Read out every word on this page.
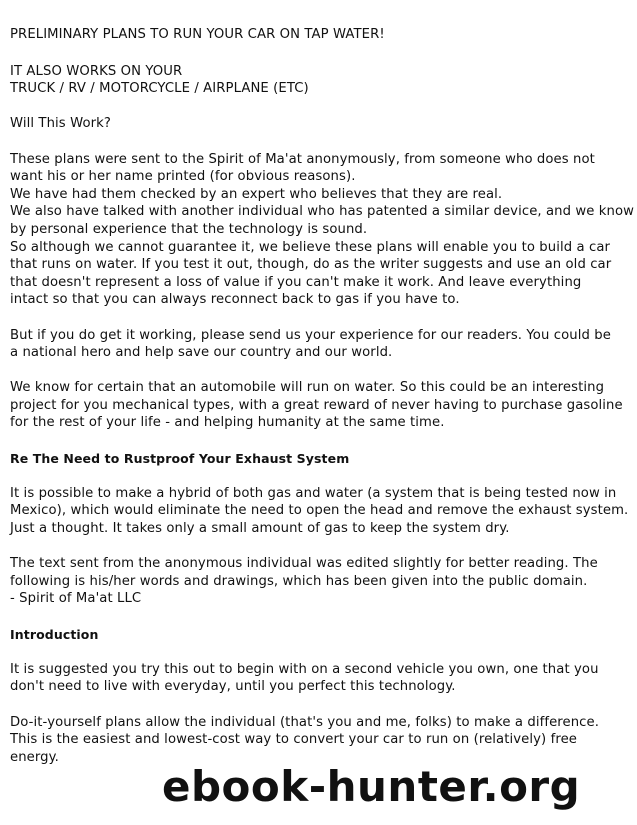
PRELIMINARY PLANS TO RUN YOUR CAR ON TAP WATER!
IT ALSO WORKS ON YOUR
TRUCK / RV / MOTORCYCLE / AIRPLANE (ETC)
Will This Work?
These plans were sent to the Spirit of Ma'at anonymously, from someone who does not
want his or her name printed (for obvious reasons).
We have had them checked by an expert who believes that they are real.
We also have talked with another individual who has patented a similar device, and we know
by personal experience that the technology is sound.
So although we cannot guarantee it, we believe these plans will enable you to build a car
that runs on water. If you test it out, though, do as the writer suggests and use an old car
that doesn't represent a loss of value if you can't make it work. And leave everything
intact so that you can always reconnect back to gas if you have to.
But if you do get it working, please send us your experience for our readers. You could be
a national hero and help save our country and our world.
We know for certain that an automobile will run on water. So this could be an interesting
project for you mechanical types, with a great reward of never having to purchase gasoline
for the rest of your life - and helping humanity at the same time.
Re The Need to Rustproof Your Exhaust System
It is possible to make a hybrid of both gas and water (a system that is being tested now in
Mexico), which would eliminate the need to open the head and remove the exhaust system.
Just a thought. It takes only a small amount of gas to keep the system dry.
The text sent from the anonymous individual was edited slightly for better reading. The
following is his/her words and drawings, which has been given into the public domain.
- Spirit of Ma'at LLC
Introduction
It is suggested you try this out to begin with on a second vehicle you own, one that you
don't need to live with everyday, until you perfect this technology.
Do-it-yourself plans allow the individual (that's you and me, folks) to make a difference.
This is the easiest and lowest-cost way to convert your car to run on (relatively) free
energy.
ebook-hunter.org
